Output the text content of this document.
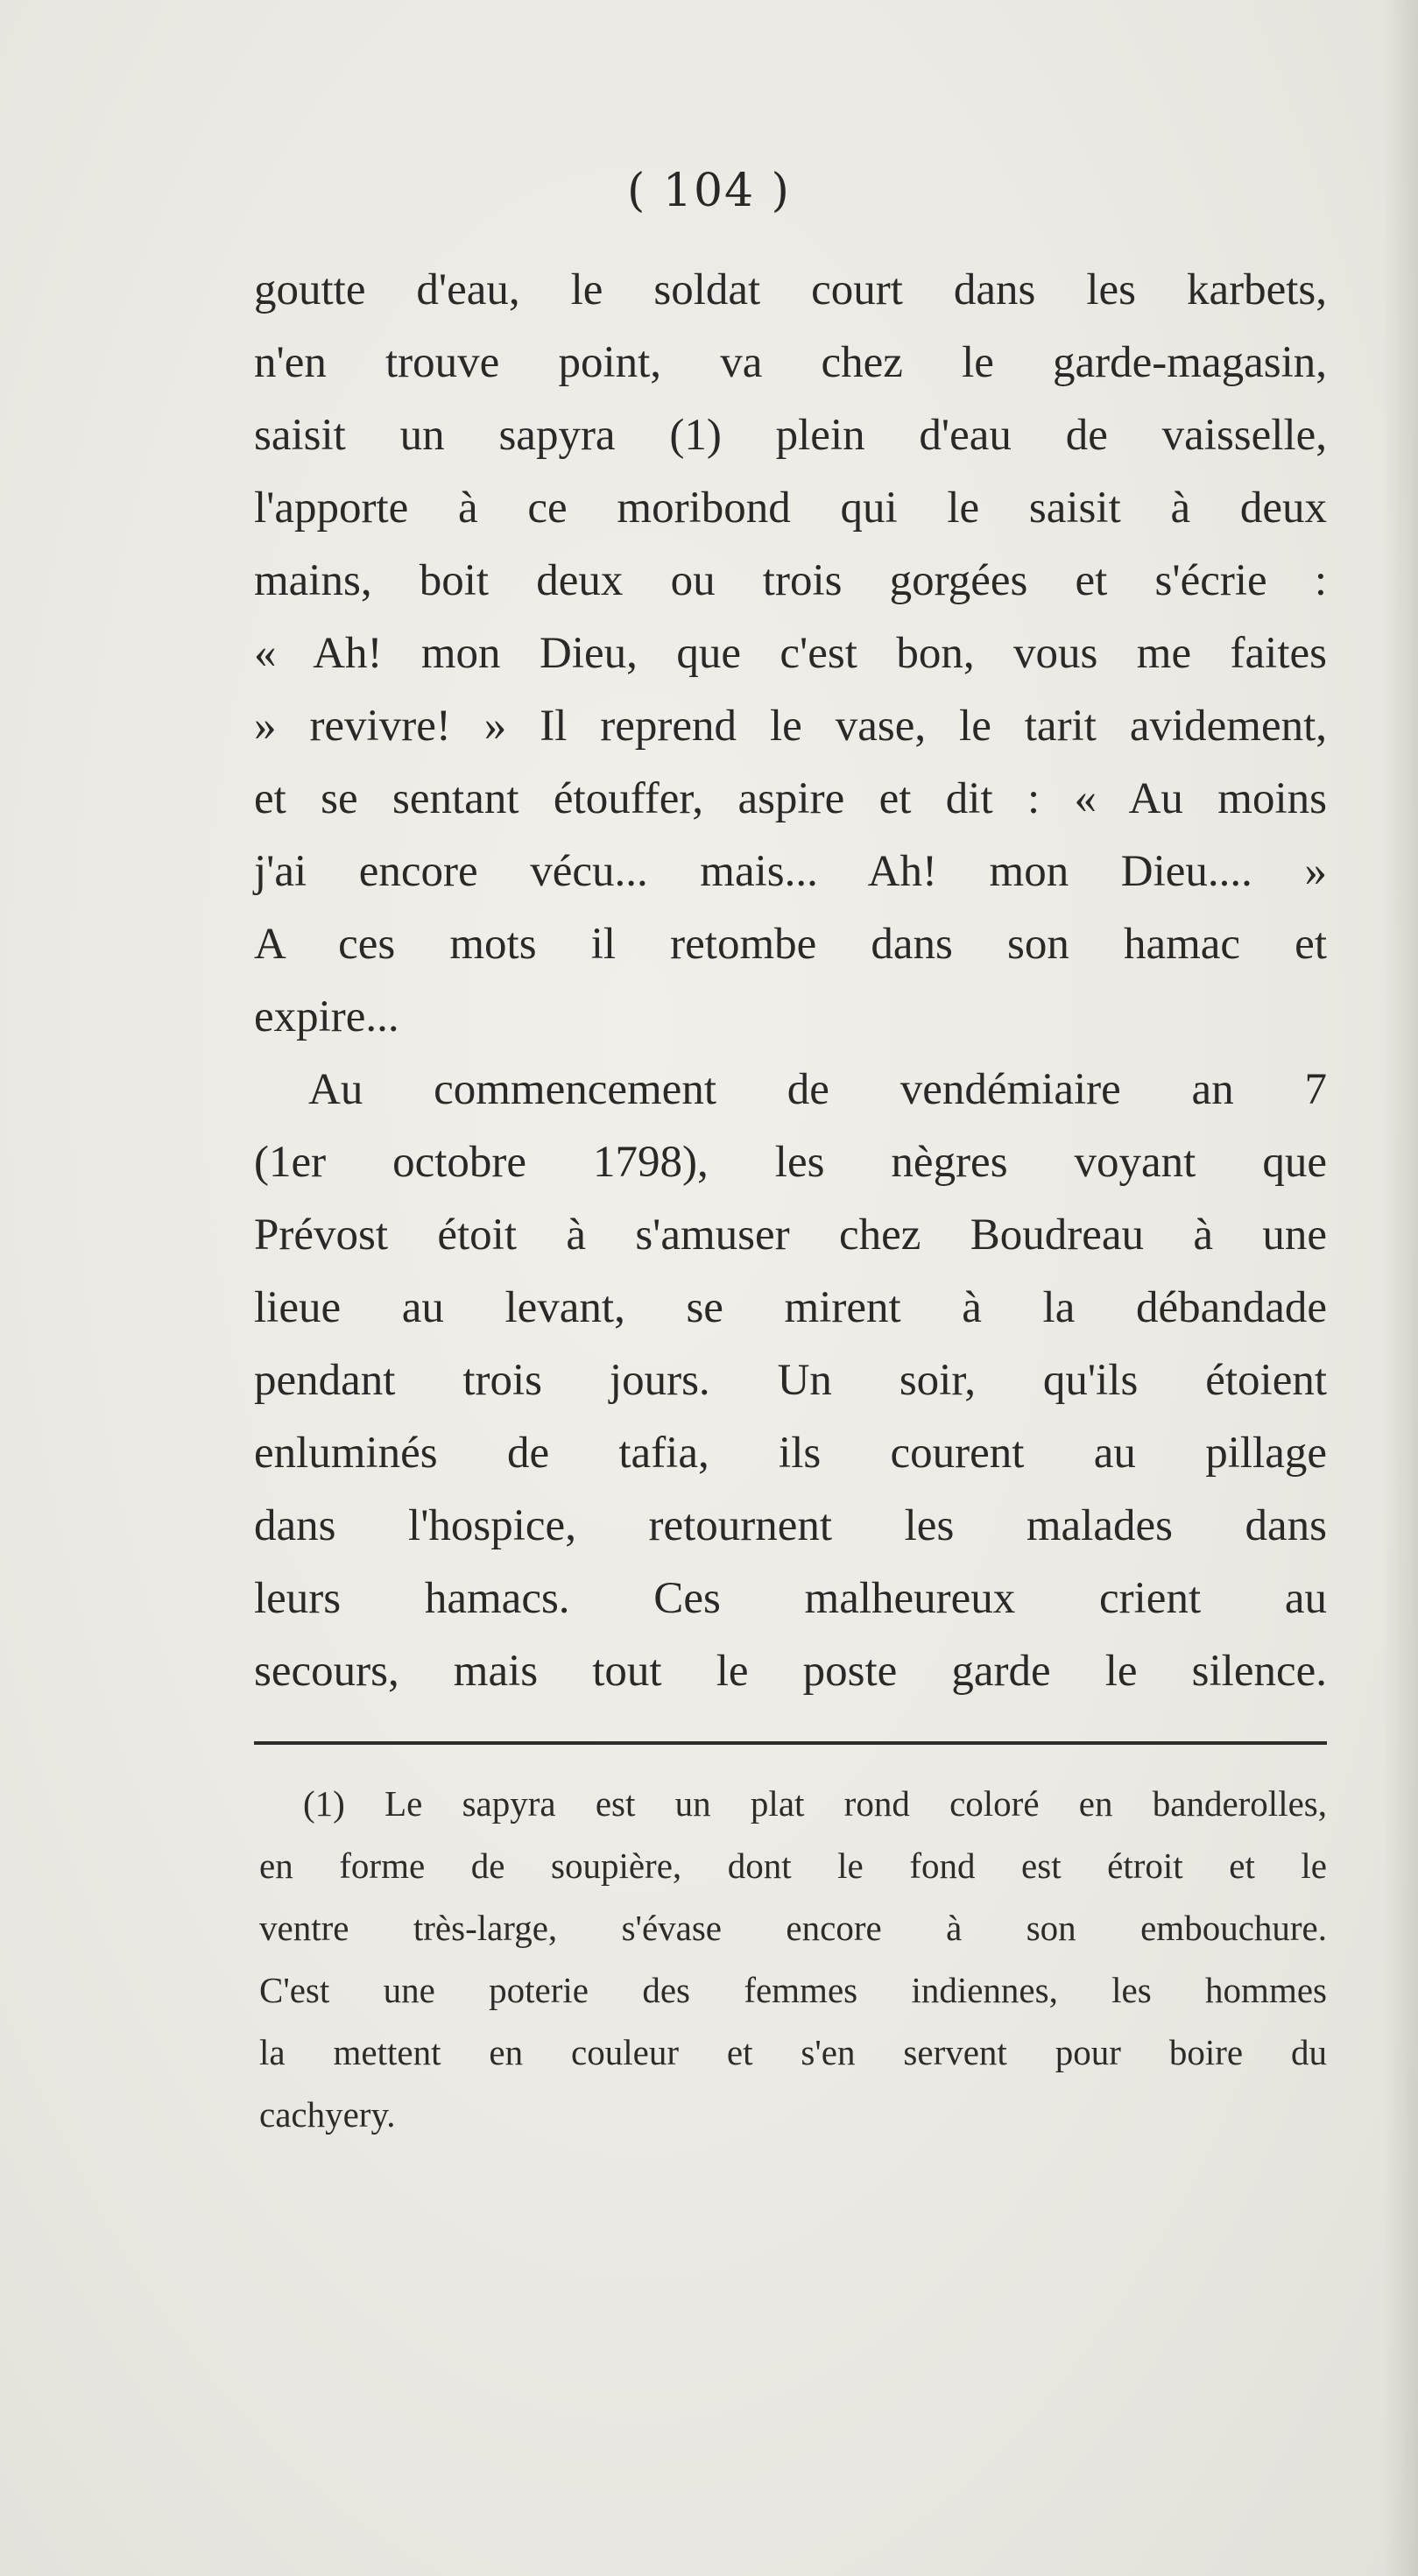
( 104 )
goutte d'eau, le soldat court dans les karbets,
n'en trouve point, va chez le garde-magasin,
saisit un sapyra (1) plein d'eau de vaisselle,
l'apporte à ce moribond qui le saisit à deux
mains, boit deux ou trois gorgées et s'écrie :
« Ah! mon Dieu, que c'est bon, vous me faites
» revivre! » Il reprend le vase, le tarit avidement,
et se sentant étouffer, aspire et dit : « Au moins
j'ai encore vécu... mais... Ah! mon Dieu.... »
A ces mots il retombe dans son hamac et
expire...
Au commencement de vendémiaire an 7
(1er octobre 1798), les nègres voyant que
Prévost étoit à s'amuser chez Boudreau à une
lieue au levant, se mirent à la débandade
pendant trois jours. Un soir, qu'ils étoient
enluminés de tafia, ils courent au pillage
dans l'hospice, retournent les malades dans
leurs hamacs. Ces malheureux crient au
secours, mais tout le poste garde le silence.
(1) Le sapyra est un plat rond coloré en banderolles,
en forme de soupière, dont le fond est étroit et le
ventre très-large, s'évase encore à son embouchure.
C'est une poterie des femmes indiennes, les hommes
la mettent en couleur et s'en servent pour boire du
cachyery.
